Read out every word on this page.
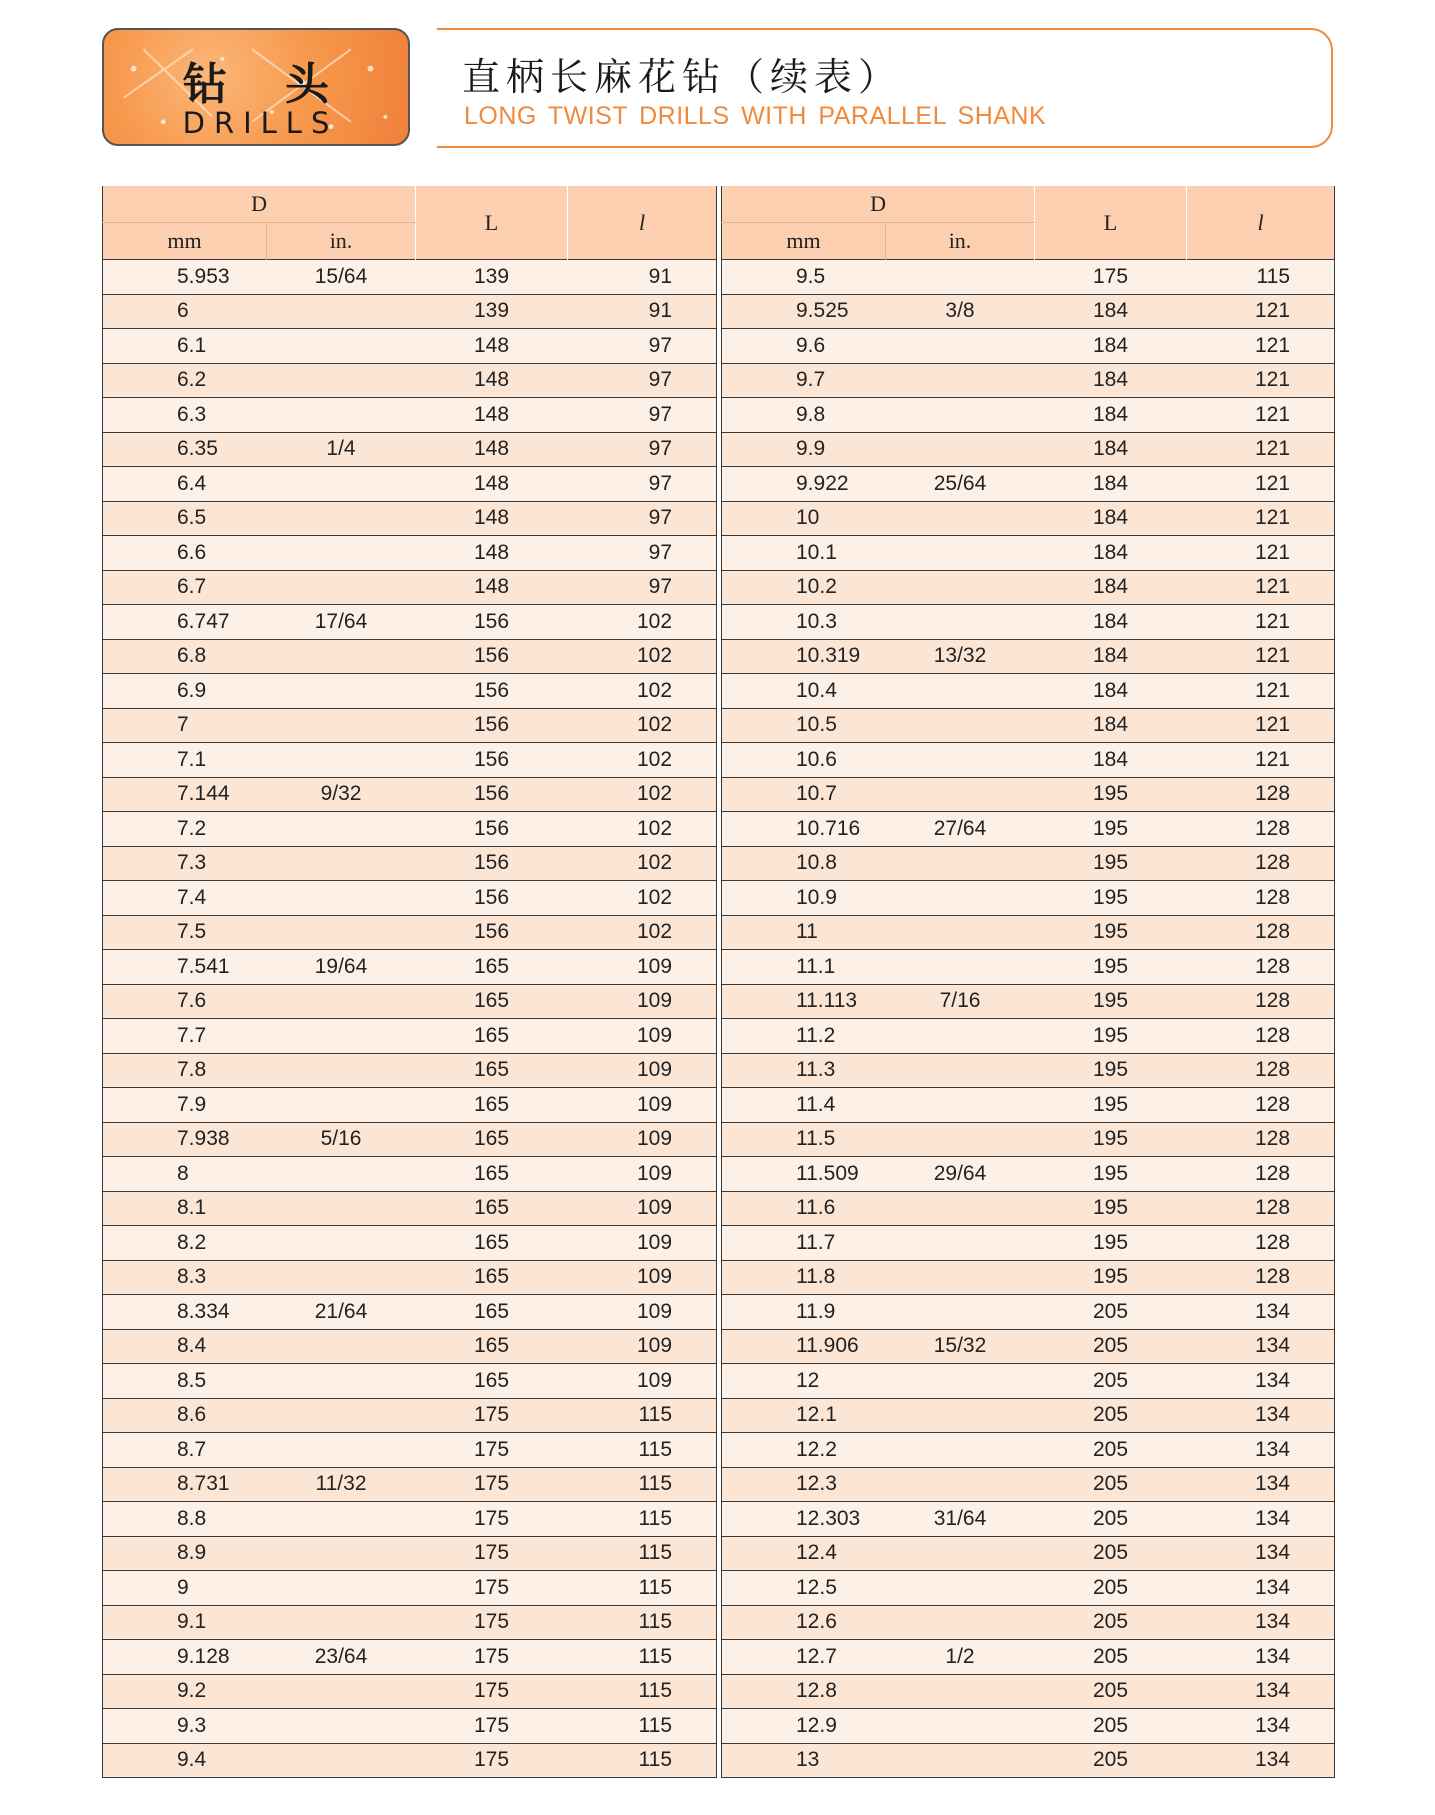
钻头
DRILLS
直柄长麻花钻（续表）
LONG TWIST DRILLS WITH PARALLEL SHANK
D		L	l
mm	in.		
5.953	15/64	139	91
6		139	91
6.1		148	97
6.2		148	97
6.3		148	97
6.35	1/4	148	97
6.4		148	97
6.5		148	97
6.6		148	97
6.7		148	97
6.747	17/64	156	102
6.8		156	102
6.9		156	102
7		156	102
7.1		156	102
7.144	9/32	156	102
7.2		156	102
7.3		156	102
7.4		156	102
7.5		156	102
7.541	19/64	165	109
7.6		165	109
7.7		165	109
7.8		165	109
7.9		165	109
7.938	5/16	165	109
8		165	109
8.1		165	109
8.2		165	109
8.3		165	109
8.334	21/64	165	109
8.4		165	109
8.5		165	109
8.6		175	115
8.7		175	115
8.731	11/32	175	115
8.8		175	115
8.9		175	115
9		175	115
9.1		175	115
9.128	23/64	175	115
9.2		175	115
9.3		175	115
9.4		175	115
D		L	l
mm	in.		
9.5		175	115
9.525	3/8	184	121
9.6		184	121
9.7		184	121
9.8		184	121
9.9		184	121
9.922	25/64	184	121
10		184	121
10.1		184	121
10.2		184	121
10.3		184	121
10.319	13/32	184	121
10.4		184	121
10.5		184	121
10.6		184	121
10.7		195	128
10.716	27/64	195	128
10.8		195	128
10.9		195	128
11		195	128
11.1		195	128
11.113	7/16	195	128
11.2		195	128
11.3		195	128
11.4		195	128
11.5		195	128
11.509	29/64	195	128
11.6		195	128
11.7		195	128
11.8		195	128
11.9		205	134
11.906	15/32	205	134
12		205	134
12.1		205	134
12.2		205	134
12.3		205	134
12.303	31/64	205	134
12.4		205	134
12.5		205	134
12.6		205	134
12.7	1/2	205	134
12.8		205	134
12.9		205	134
13		205	134
